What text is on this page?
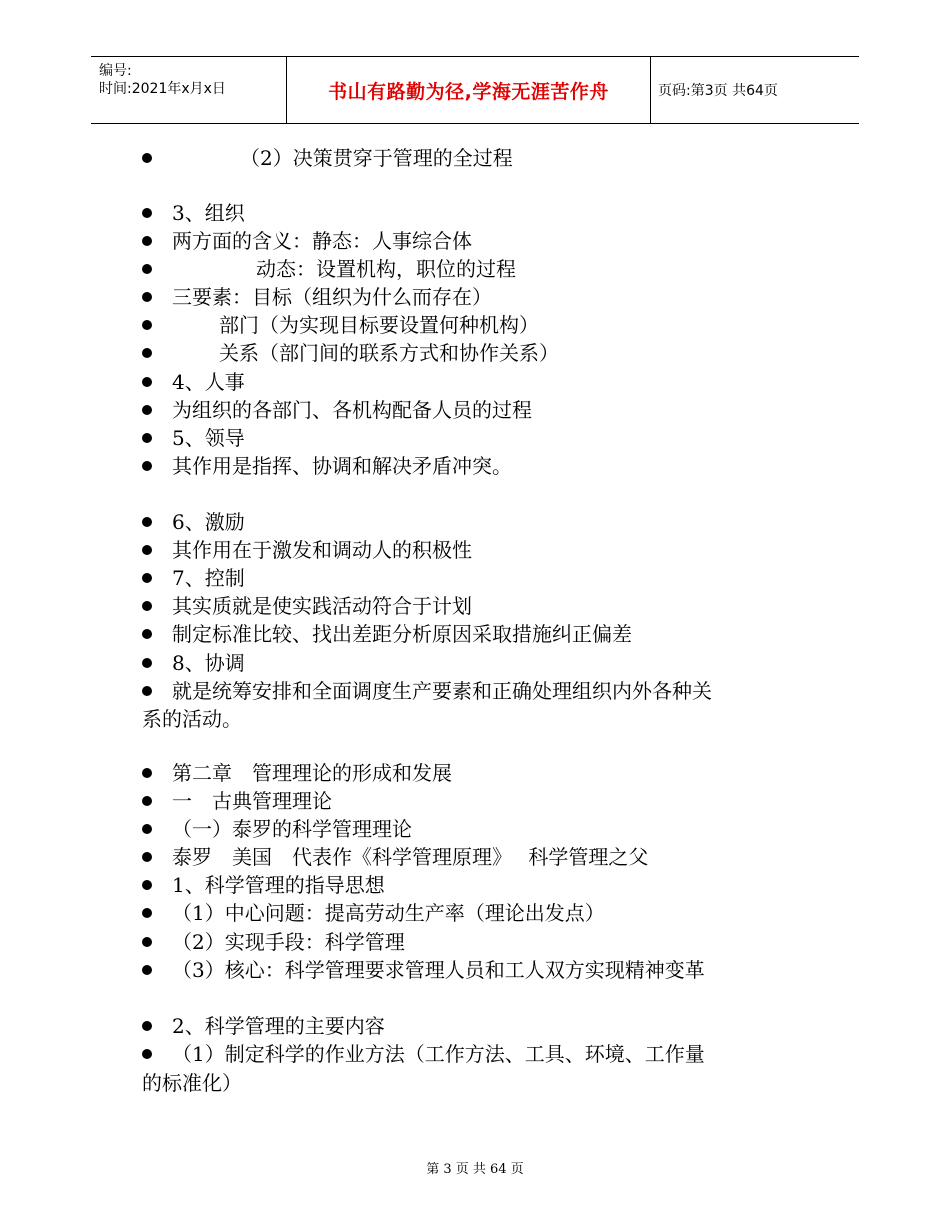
编号:
时间:2021年x月x日	书山有路勤为径,学海无涯苦作舟	页码:第3页 共64页
（2）决策贯穿于管理的全过程
3、组织
两方面的含义：静态：人事综合体
动态：设置机构，职位的过程
三要素：目标（组织为什么而存在）
部门（为实现目标要设置何种机构）
关系（部门间的联系方式和协作关系）
4、人事
为组织的各部门、各机构配备人员的过程
5、领导
其作用是指挥、协调和解决矛盾冲突。
6、激励
其作用在于激发和调动人的积极性
7、控制
其实质就是使实践活动符合于计划
制定标准比较、找出差距分析原因采取措施纠正偏差
8、协调
就是统筹安排和全面调度生产要素和正确处理组织内外各种关
系的活动。
第二章　管理理论的形成和发展
一　古典管理理论
（一）泰罗的科学管理理论
泰罗　美国　代表作《科学管理原理》　 科学管理之父
1、科学管理的指导思想
（1）中心问题：提高劳动生产率（理论出发点）
（2）实现手段：科学管理
（3）核心：科学管理要求管理人员和工人双方实现精神变革
2、科学管理的主要内容
（1）制定科学的作业方法（工作方法、工具、环境、工作量
的标准化）
第 3 页 共 64 页
